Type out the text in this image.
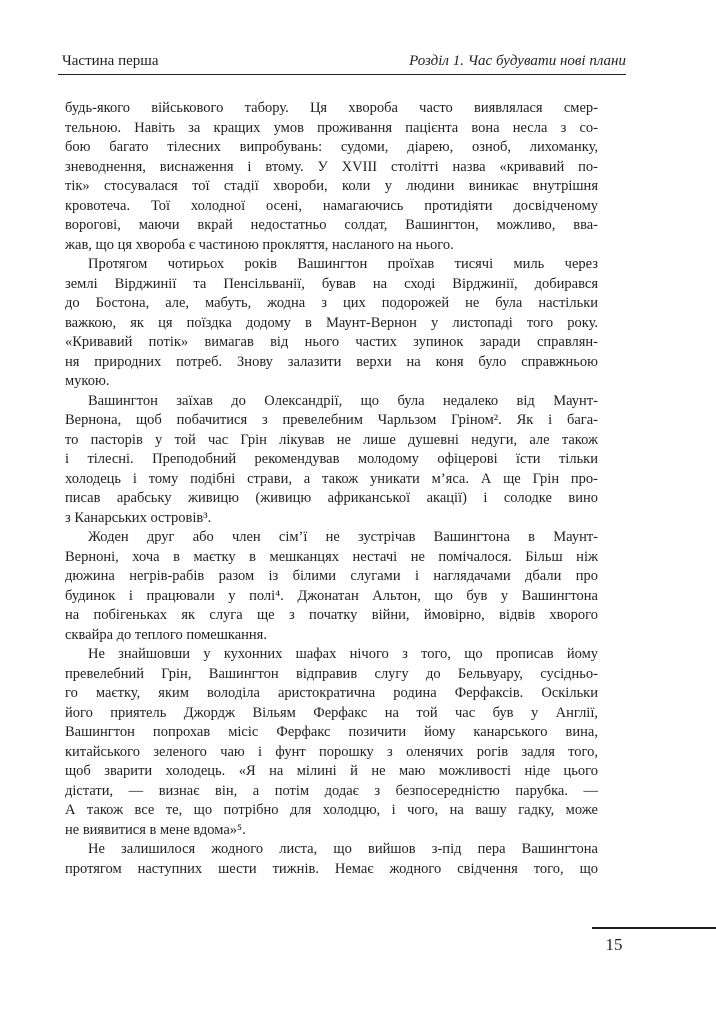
Частина перша	Розділ 1. Час будувати нові плани
будь-якого військового табору. Ця хвороба часто виявлялася смер-
тельною. Навіть за кращих умов проживання пацієнта вона несла з со-
бою багато тілесних випробувань: судоми, діарею, озноб, лихоманку,
зневоднення, виснаження і втому. У XVIII столітті назва «кривавий по-
тік» стосувалася тої стадії хвороби, коли у людини виникає внутрішня
кровотеча. Тої холодної осені, намагаючись протидіяти досвідченому
ворогові, маючи вкрай недостатньо солдат, Вашингтон, можливо, вва-
жав, що ця хвороба є частиною прокляття, насланого на нього.
Протягом чотирьох років Вашингтон проїхав тисячі миль через
землі Вірджинії та Пенсільванії, бував на сході Вірджинії, добирався
до Бостона, але, мабуть, жодна з цих подорожей не була настільки
важкою, як ця поїздка додому в Маунт-Вернон у листопаді того року.
«Кривавий потік» вимагав від нього частих зупинок заради справлян-
ня природних потреб. Знову залазити верхи на коня було справжньою
мукою.
Вашингтон заїхав до Олександрії, що була недалеко від Маунт-
Вернона, щоб побачитися з превелебним Чарльзом Гріном². Як і бага-
то пасторів у той час Грін лікував не лише душевні недуги, але також
і тілесні. Преподобний рекомендував молодому офіцерові їсти тільки
холодець і тому подібні страви, а також уникати м’яса. А ще Грін про-
писав арабську живицю (живицю африканської акації) і солодке вино
з Канарських островів³.
Жоден друг або член сім’ї не зустрічав Вашингтона в Маунт-
Верноні, хоча в маєтку в мешканцях нестачі не помічалося. Більш ніж
дюжина негрів-рабів разом із білими слугами і наглядачами дбали про
будинок і працювали у полі⁴. Джонатан Альтон, що був у Вашингтона
на побігеньках як слуга ще з початку війни, ймовірно, відвів хворого
сквайра до теплого помешкання.
Не знайшовши у кухонних шафах нічого з того, що прописав йому
превелебний Грін, Вашингтон відправив слугу до Бельвуару, сусідньо-
го маєтку, яким володіла аристократична родина Ферфаксів. Оскільки
його приятель Джордж Вільям Ферфакс на той час був у Англії,
Вашингтон попрохав місіс Ферфакс позичити йому канарського вина,
китайського зеленого чаю і фунт порошку з оленячих рогів задля того,
щоб зварити холодець. «Я на мілині й не маю можливості ніде цього
дістати, — визнає він, а потім додає з безпосередністю парубка. —
А також все те, що потрібно для холодцю, і чого, на вашу гадку, може
не виявитися в мене вдома»⁵.
Не залишилося жодного листа, що вийшов з-під пера Вашингтона
протягом наступних шести тижнів. Немає жодного свідчення того, що
15
